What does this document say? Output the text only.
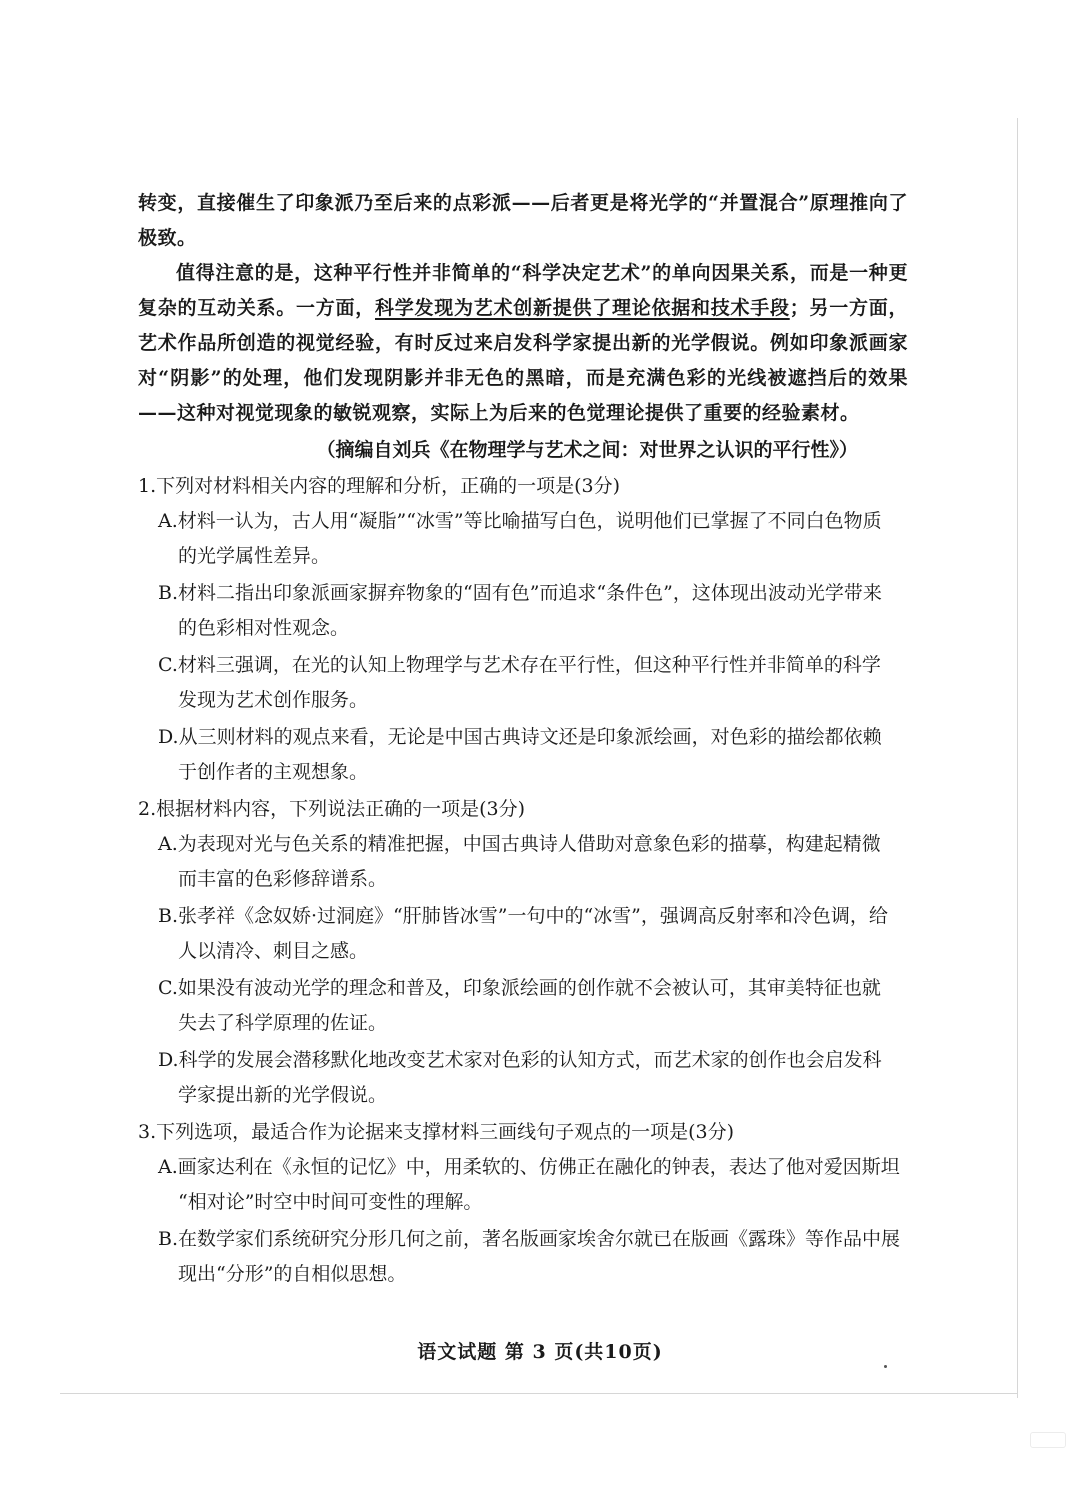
转变，直接催生了印象派乃至后来的点彩派——后者更是将光学的“并置混合”原理推向了极致。

值得注意的是，这种平行性并非简单的“科学决定艺术”的单向因果关系，而是一种更复杂的互动关系。一方面，科学发现为艺术创新提供了理论依据和技术手段；另一方面，艺术作品所创造的视觉经验，有时反过来启发科学家提出新的光学假说。例如印象派画家对“阴影”的处理，他们发现阴影并非无色的黑暗，而是充满色彩的光线被遮挡后的效果——这种对视觉现象的敏锐观察，实际上为后来的色觉理论提供了重要的经验素材。

（摘编自刘兵《在物理学与艺术之间：对世界之认识的平行性》）

1.下列对材料相关内容的理解和分析，正确的一项是(3分)

A.材料一认为，古人用“凝脂”“冰雪”等比喻描写白色，说明他们已掌握了不同白色物质
的光学属性差异。
B.材料二指出印象派画家摒弃物象的“固有色”而追求“条件色”，这体现出波动光学带来
的色彩相对性观念。
C.材料三强调，在光的认知上物理学与艺术存在平行性，但这种平行性并非简单的科学
发现为艺术创作服务。
D.从三则材料的观点来看，无论是中国古典诗文还是印象派绘画，对色彩的描绘都依赖
于创作者的主观想象。

2.根据材料内容，下列说法正确的一项是(3分)

A.为表现对光与色关系的精准把握，中国古典诗人借助对意象色彩的描摹，构建起精微
而丰富的色彩修辞谱系。
B.张孝祥《念奴娇·过洞庭》“肝肺皆冰雪”一句中的“冰雪”，强调高反射率和冷色调，给
人以清冷、刺目之感。
C.如果没有波动光学的理念和普及，印象派绘画的创作就不会被认可，其审美特征也就
失去了科学原理的佐证。
D.科学的发展会潜移默化地改变艺术家对色彩的认知方式，而艺术家的创作也会启发科
学家提出新的光学假说。

3.下列选项，最适合作为论据来支撑材料三画线句子观点的一项是(3分)

A.画家达利在《永恒的记忆》中，用柔软的、仿佛正在融化的钟表，表达了他对爱因斯坦
“相对论”时空中时间可变性的理解。
B.在数学家们系统研究分形几何之前，著名版画家埃舍尔就已在版画《露珠》等作品中展
现出“分形”的自相似思想。
语文试题 第 3 页(共10页)
